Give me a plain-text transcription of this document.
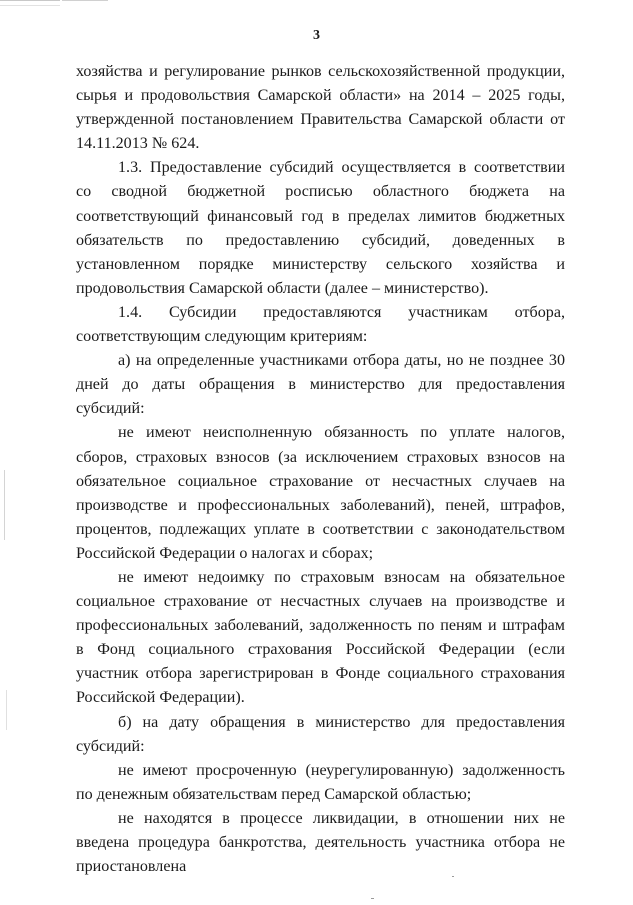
3

хозяйства и регулирование рынков сельскохозяйственной продукции, сырья и продовольствия Самарской области» на 2014 – 2025 годы, утвержденной постановлением Правительства Самарской области от 14.11.2013 № 624.

1.3. Предоставление субсидий осуществляется в соответствии со сводной бюджетной росписью областного бюджета на соответствующий финансовый год в пределах лимитов бюджетных обязательств по предоставлению субсидий, доведенных в установленном порядке министерству сельского хозяйства и продовольствия Самарской области (далее – министерство).

1.4. Субсидии предоставляются участникам отбора, соответствующим следующим критериям:

а) на определенные участниками отбора даты, но не позднее 30 дней до даты обращения в министерство для предоставления субсидий:

не имеют неисполненную обязанность по уплате налогов, сборов, страховых взносов (за исключением страховых взносов на обязательное социальное страхование от несчастных случаев на производстве и профессиональных заболеваний), пеней, штрафов, процентов, подлежащих уплате в соответствии с законодательством Российской Федерации о налогах и сборах;

не имеют недоимку по страховым взносам на обязательное социальное страхование от несчастных случаев на производстве и профессиональных заболеваний, задолженность по пеням и штрафам в Фонд социального страхования Российской Федерации (если участник отбора зарегистрирован в Фонде социального страхования Российской Федерации).

б) на дату обращения в министерство для предоставления субсидий:

не имеют просроченную (неурегулированную) задолженность по денежным обязательствам перед Самарской областью;

не находятся в процессе ликвидации, в отношении них не введена процедура банкротства, деятельность участника отбора не приостановлена
